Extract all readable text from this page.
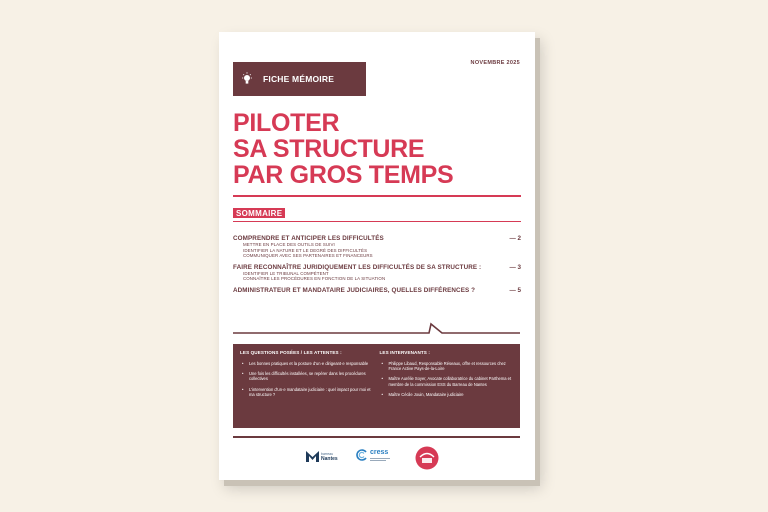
FICHE MÉMOIRE
NOVEMBRE 2025
PILOTER
SA STRUCTURE
PAR GROS TEMPS
SOMMAIRE
COMPRENDRE ET ANTICIPER LES DIFFICULTÉS	— 2
METTRE EN PLACE DES OUTILS DE SUIVI
IDENTIFIER LA NATURE ET LE DEGRÉ DES DIFFICULTÉS
COMMUNIQUER AVEC SES PARTENAIRES ET FINANCEURS
FAIRE RECONNAÎTRE JURIDIQUEMENT LES DIFFICULTÉS DE SA STRUCTURE :	— 3
IDENTIFIER LE TRIBUNAL COMPÉTENT
CONNAÎTRE LES PROCÉDURES EN FONCTION DE LA SITUATION
ADMINISTRATEUR ET MANDATAIRE JUDICIAIRES, QUELLES DIFFÉRENCES ?	— 5
LES QUESTIONS POSÉES / LES ATTENTES :
• Les bonnes pratiques et la posture d'un·e dirigeant·e responsable
• Une fois les difficultés installées, se repérer dans les procédures collectives
• L'intervention d'un·e mandataire judiciaire : quel impact pour moi et ma structure ?
LES INTERVENANTS :
• Philippe Libaud, Responsable Réseaux, offre et ressources chez France Active Pays-de-la-Loire
• Maître Aurélie Soyer, Avocate collaboratrice du cabinet Parthema et membre de la commission ESS du Barreau de Nantes
• Maître Cécile Jouin, Mandataire judiciaire
barreau
Nantes
cress
